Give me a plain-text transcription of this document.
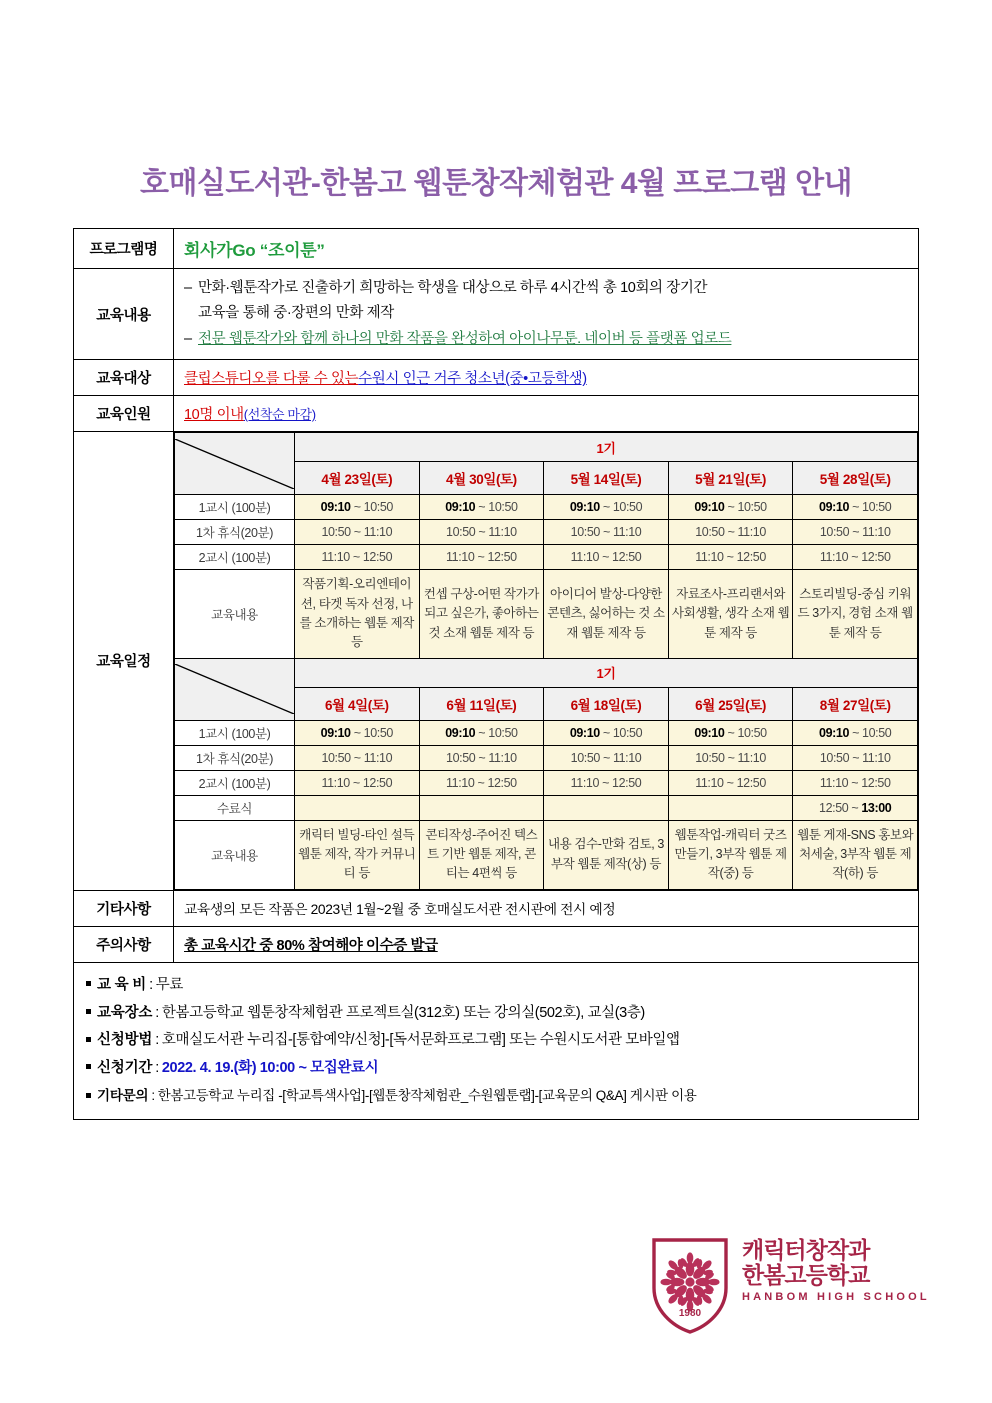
호매실도서관-한봄고 웹툰창작체험관 4월 프로그램 안내
프로그램명	회사가Go “조이툰”
교육내용	
– 만화·웹툰작가로 진출하기 희망하는 학생을 대상으로 하루 4시간씩 총 10회의 장기간
교육을 통해 중·장편의 만화 제작
– 전문 웹툰작가와 함께 하나의 만화 작품을 완성하여 아이나무툰. 네이버 등 플랫폼 업로드

교육대상	클립스튜디오를 다룰 수 있는수원시 인근 거주 청소년(중•고등학생)
교육인원	10명 이내(선착순 마감)
교육일정	
	1기
4월 23일(토)	4월 30일(토)	5월 14일(토)	5월 21일(토)	5월 28일(토)
1교시 (100분)	09:10 ~ 10:50	09:10 ~ 10:50	09:10 ~ 10:50	09:10 ~ 10:50	09:10 ~ 10:50
1차 휴식(20분)	10:50 ~ 11:10	10:50 ~ 11:10	10:50 ~ 11:10	10:50 ~ 11:10	10:50 ~ 11:10
2교시 (100분)	11:10 ~ 12:50	11:10 ~ 12:50	11:10 ~ 12:50	11:10 ~ 12:50	11:10 ~ 12:50
교육내용	작품기획-오리엔테이션, 타겟 독자 선정, 나를 소개하는 웹툰 제작 등	컨셉 구상-어떤 작가가 되고 싶은가, 좋아하는 것 소재 웹툰 제작 등	아이디어 발상-다양한 콘텐츠, 싫어하는 것 소재 웹툰 제작 등	자료조사-프리랜서와 사회생활, 생각 소재 웹툰 제작 등	스토리빌딩-중심 키워드 3가지, 경험 소재 웹툰 제작 등

	1기
6월 4일(토)	6월 11일(토)	6월 18일(토)	6월 25일(토)	8월 27일(토)
1교시 (100분)	09:10 ~ 10:50	09:10 ~ 10:50	09:10 ~ 10:50	09:10 ~ 10:50	09:10 ~ 10:50
1차 휴식(20분)	10:50 ~ 11:10	10:50 ~ 11:10	10:50 ~ 11:10	10:50 ~ 11:10	10:50 ~ 11:10
2교시 (100분)	11:10 ~ 12:50	11:10 ~ 12:50	11:10 ~ 12:50	11:10 ~ 12:50	11:10 ~ 12:50
수료식					12:50 ~ 13:00
교육내용	캐릭터 빌딩-타인 설득 웹툰 제작, 작가 커뮤니티 등	콘티작성-주어진 텍스트 기반 웹툰 제작, 콘티는 4편씩 등	내용 검수-만화 검토, 3부작 웹툰 제작(상) 등	웹툰작업-캐릭터 굿즈 만들기, 3부작 웹툰 제작(중) 등	웹툰 게재-SNS 홍보와 처세술, 3부작 웹툰 제작(하) 등

기타사항	교육생의 모든 작품은 2023년 1월~2월 중 호매실도서관 전시관에 전시 예정
주의사항	총 교육시간 중 80% 참여해야 이수증 발급

교 육 비 : 무료
교육장소 : 한봄고등학교 웹툰창작체험관 프로젝트실(312호) 또는 강의실(502호), 교실(3층)
신청방법 : 호매실도서관 누리집-[통합예약/신청]-[독서문화프로그램] 또는 수원시도서관 모바일앱
신청기간 : 2022. 4. 19.(화) 10:00 ~ 모집완료시
기타문의 : 한봄고등학교 누리집 -[학교특색사업]-[웹툰창작체험관_수원웹툰랩]-[교육문의 Q&A] 게시판 이용
1980
캐릭터창작과
한봄고등학교
HANBOM HIGH SCHOOL
